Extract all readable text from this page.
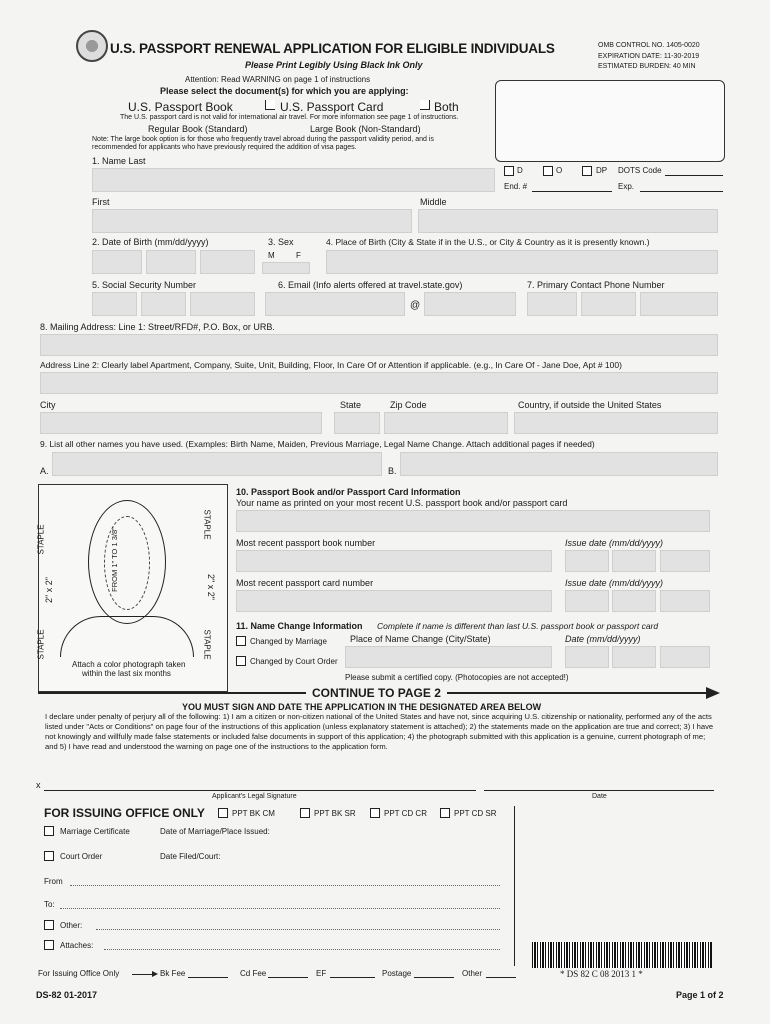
U.S. PASSPORT RENEWAL APPLICATION FOR ELIGIBLE INDIVIDUALS
Please Print Legibly Using Black Ink Only
OMB CONTROL NO. 1405-0020
EXPIRATION DATE: 11-30-2019
ESTIMATED BURDEN: 40 MIN
Attention: Read WARNING on page 1 of instructions
Please select the document(s) for which you are applying:
U.S. Passport Book	U.S. Passport Card	Both
The U.S. passport card is not valid for international air travel. For more information see page 1 of instructions.
Regular Book (Standard)	Large Book (Non-Standard)
Note: The large book option is for those who frequently travel abroad during the passport validity period, and is recommended for applicants who have previously required the addition of visa pages.
D	O	DP DOTS Code
End. #	Exp.
1. Name Last
First	Middle
2. Date of Birth (mm/dd/yyyy)	3. Sex
M	F
4. Place of Birth (City & State if in the U.S., or City & Country as it is presently known.)
5. Social Security Number	6. Email (Info alerts offered at travel.state.gov)
@
7. Primary Contact Phone Number
8. Mailing Address: Line 1: Street/RFD#, P.O. Box, or URB.
Address Line 2: Clearly label Apartment, Company, Suite, Unit, Building, Floor, In Care Of or Attention if applicable. (e.g., In Care Of - Jane Doe, Apt # 100)
City	State	Zip Code	Country, if outside the United States
9. List all other names you have used. (Examples: Birth Name, Maiden, Previous Marriage, Legal Name Change. Attach additional pages if needed)
A.	B.
STAPLE
STAPLE
STAPLE
STAPLE
2" x 2"	2" x 2"
FROM 1" TO 1 3/8"
Attach a color photograph taken
within the last six months
10. Passport Book and/or Passport Card Information
Your name as printed on your most recent U.S. passport book and/or passport card
Most recent passport book number	Issue date (mm/dd/yyyy)
Most recent passport card number	Issue date (mm/dd/yyyy)
11. Name Change Information Complete if name is different than last U.S. passport book or passport card
Changed by Marriage	Place of Name Change (City/State)	Date (mm/dd/yyyy)
Changed by Court Order
Please submit a certified copy. (Photocopies are not accepted!)
CONTINUE TO PAGE 2
YOU MUST SIGN AND DATE THE APPLICATION IN THE DESIGNATED AREA BELOW
I declare under penalty of perjury all of the following: 1) I am a citizen or non-citizen national of the United States and have not, since acquiring U.S. citizenship or nationality, performed any of the acts listed under "Acts or Conditions" on page four of the instructions of this application (unless explanatory statement is attached); 2) the statements made on the application are true and correct; 3) I have not knowingly and willfully made false statements or included false documents in support of this application; 4) the photograph submitted with this application is a genuine, current photograph of me; and 5) I have read and understood the warning on page one of the instructions to the application form.
x
Applicant's Legal Signature	Date
FOR ISSUING OFFICE ONLY	PPT BK CM	PPT BK SR	PPT CD CR	PPT CD SR
Marriage Certificate	Date of Marriage/Place Issued:
Court Order	Date Filed/Court:
From
To:
Other:
Attaches:
For Issuing Office Only	Bk Fee	Cd Fee	EF	Postage	Other	* DS 82 C 08 2013 1 *
DS-82 01-2017	Page 1 of 2
